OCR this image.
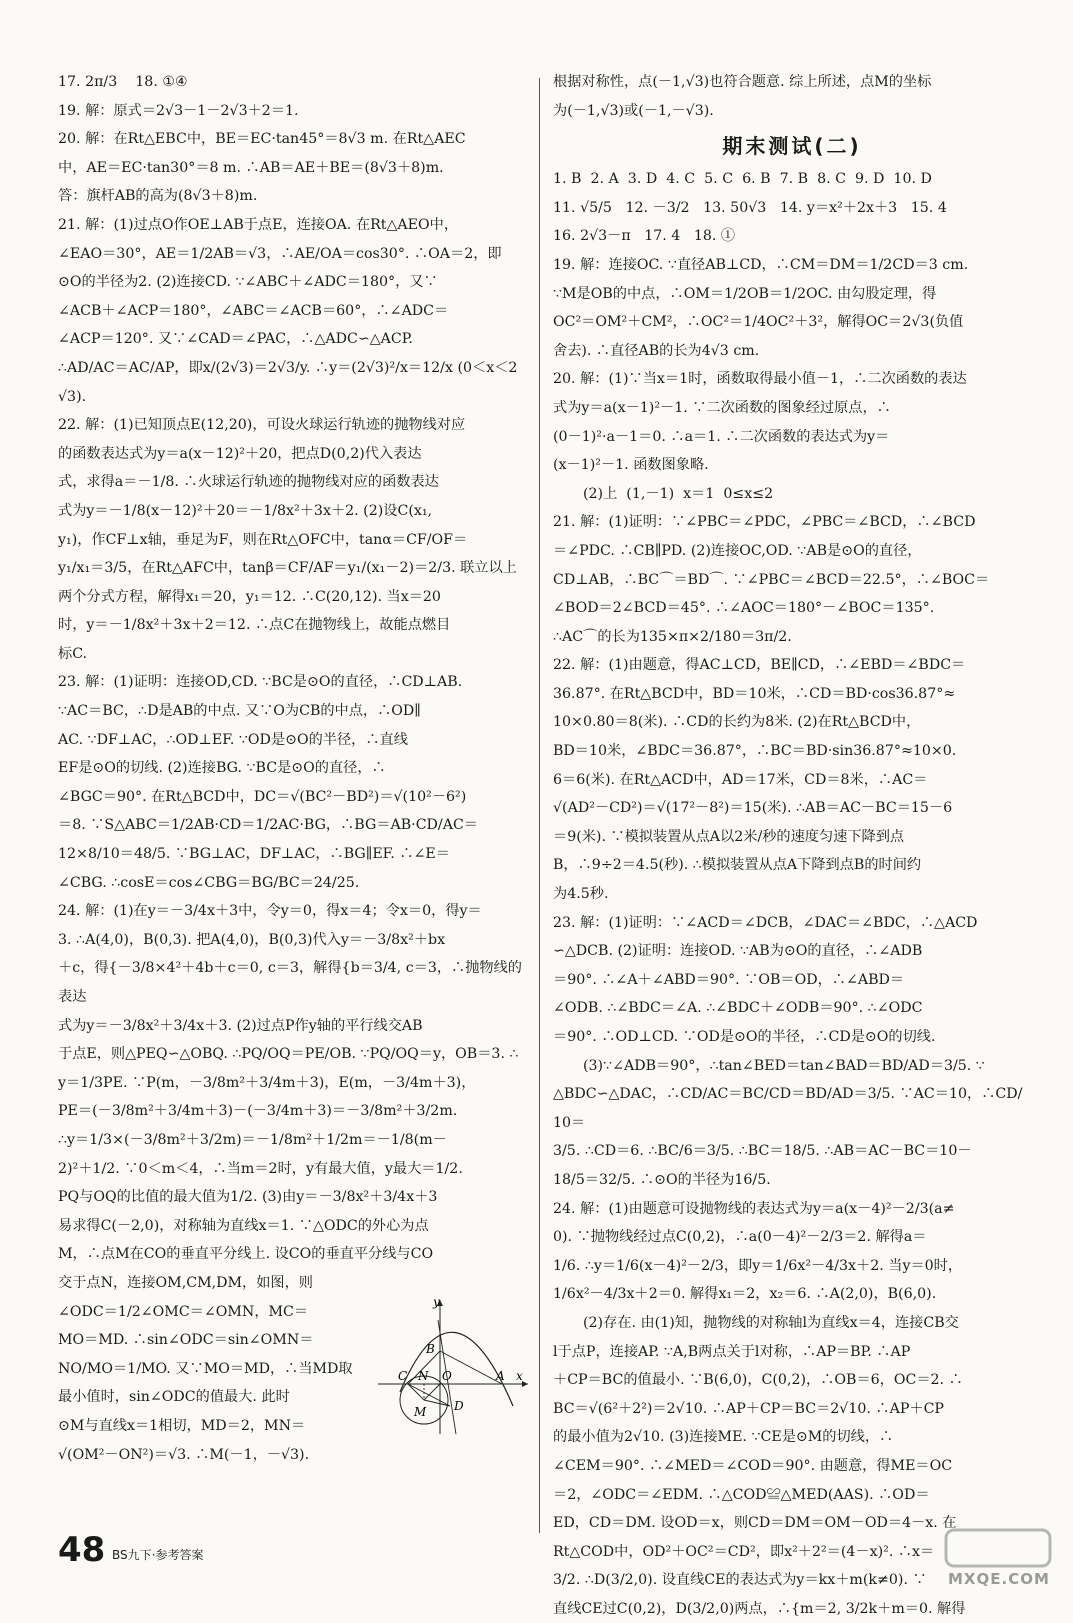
17. 2π/3    18. ①④

19. 解：原式＝2√3－1－2√3＋2＝1.

20. 解：在Rt△EBC中，BE＝EC·tan45°＝8√3 m. 在Rt△AEC

中，AE＝EC·tan30°＝8 m. ∴AB＝AE＋BE＝(8√3＋8)m.

答：旗杆AB的高为(8√3＋8)m.

21. 解：(1)过点O作OE⊥AB于点E，连接OA. 在Rt△AEO中，

∠EAO＝30°，AE＝1/2AB＝√3，∴AE/OA＝cos30°. ∴OA＝2，即

⊙O的半径为2. (2)连接CD. ∵∠ABC＋∠ADC＝180°，又∵

∠ACB＋∠ACP＝180°，∠ABC＝∠ACB＝60°，∴∠ADC＝

∠ACP＝120°. 又∵∠CAD＝∠PAC，∴△ADC∽△ACP.

∴AD/AC＝AC/AP，即x/(2√3)＝2√3/y. ∴y＝(2√3)²/x＝12/x (0＜x＜2√3).

22. 解：(1)已知顶点E(12,20)，可设火球运行轨迹的抛物线对应

的函数表达式为y＝a(x－12)²＋20，把点D(0,2)代入表达

式，求得a＝－1/8. ∴火球运行轨迹的抛物线对应的函数表达

式为y＝－1/8(x－12)²＋20＝－1/8x²＋3x＋2. (2)设C(x₁,

y₁)，作CF⊥x轴，垂足为F，则在Rt△OFC中，tanα＝CF/OF＝

y₁/x₁＝3/5，在Rt△AFC中，tanβ＝CF/AF＝y₁/(x₁－2)＝2/3. 联立以上

两个分式方程，解得x₁＝20，y₁＝12. ∴C(20,12). 当x＝20

时，y＝－1/8x²＋3x＋2＝12. ∴点C在抛物线上，故能点燃目

标C.

23. 解：(1)证明：连接OD,CD. ∵BC是⊙O的直径，∴CD⊥AB.

∵AC＝BC，∴D是AB的中点. 又∵O为CB的中点，∴OD∥

AC. ∵DF⊥AC，∴OD⊥EF. ∵OD是⊙O的半径，∴直线

EF是⊙O的切线. (2)连接BG. ∵BC是⊙O的直径，∴

∠BGC＝90°. 在Rt△BCD中，DC＝√(BC²－BD²)＝√(10²－6²)

＝8. ∵S△ABC＝1/2AB·CD＝1/2AC·BG，∴BG＝AB·CD/AC＝

12×8/10＝48/5. ∵BG⊥AC，DF⊥AC，∴BG∥EF. ∴∠E＝

∠CBG. ∴cosE＝cos∠CBG＝BG/BC＝24/25.

24. 解：(1)在y＝－3/4x＋3中，令y＝0，得x＝4；令x＝0，得y＝

3. ∴A(4,0)，B(0,3). 把A(4,0)，B(0,3)代入y＝－3/8x²＋bx

＋c，得{－3/8×4²＋4b＋c＝0, c＝3，解得{b＝3/4, c＝3，∴抛物线的表达

式为y＝－3/8x²＋3/4x＋3. (2)过点P作y轴的平行线交AB

于点E，则△PEQ∽△OBQ. ∴PQ/OQ＝PE/OB. ∵PQ/OQ＝y，OB＝3. ∴

y＝1/3PE. ∵P(m，－3/8m²＋3/4m＋3)，E(m，－3/4m＋3)，

PE＝(－3/8m²＋3/4m＋3)－(－3/4m＋3)＝－3/8m²＋3/2m.

∴y＝1/3×(－3/8m²＋3/2m)＝－1/8m²＋1/2m＝－1/8(m－

2)²＋1/2. ∵0＜m＜4，∴当m＝2时，y有最大值，y最大＝1/2.

PQ与OQ的比值的最大值为1/2. (3)由y＝－3/8x²＋3/4x＋3

易求得C(－2,0)，对称轴为直线x＝1. ∵△ODC的外心为点

M，∴点M在CO的垂直平分线上. 设CO的垂直平分线与CO

交于点N，连接OM,CM,DM，如图，则

∠ODC＝1/2∠OMC＝∠OMN，MC＝

MO＝MD. ∴sin∠ODC＝sin∠OMN＝

NO/MO＝1/MO. 又∵MO＝MD，∴当MD取

最小值时，sin∠ODC的值最大. 此时

⊙M与直线x＝1相切，MD＝2，MN＝

√(OM²－ON²)＝√3. ∴M(－1，－√3).

根据对称性，点(－1,√3)也符合题意. 综上所述，点M的坐标

为(－1,√3)或(－1,－√3).

期末测试(二)

1. B  2. A  3. D  4. C  5. C  6. B  7. B  8. C  9. D  10. D

11. √5/5   12. －3/2   13. 50√3   14. y＝x²＋2x＋3   15. 4

16. 2√3－π   17. 4   18. ①

19. 解：连接OC. ∵直径AB⊥CD，∴CM＝DM＝1/2CD＝3 cm.

∵M是OB的中点，∴OM＝1/2OB＝1/2OC. 由勾股定理，得

OC²＝OM²＋CM²，∴OC²＝1/4OC²＋3²，解得OC＝2√3(负值

舍去). ∴直径AB的长为4√3 cm.

20. 解：(1)∵当x＝1时，函数取得最小值－1，∴二次函数的表达

式为y＝a(x－1)²－1. ∵二次函数的图象经过原点，∴

(0－1)²·a－1＝0. ∴a＝1. ∴二次函数的表达式为y＝

(x－1)²－1. 函数图象略.

(2)上  (1,－1)  x＝1  0≤x≤2

21. 解：(1)证明：∵∠PBC＝∠PDC，∠PBC＝∠BCD，∴∠BCD

＝∠PDC. ∴CB∥PD. (2)连接OC,OD. ∵AB是⊙O的直径，

CD⊥AB，∴BC⌒＝BD⌒. ∵∠PBC＝∠BCD＝22.5°，∴∠BOC＝

∠BOD＝2∠BCD＝45°. ∴∠AOC＝180°－∠BOC＝135°.

∴AC⌒的长为135×π×2/180＝3π/2.

22. 解：(1)由题意，得AC⊥CD，BE∥CD，∴∠EBD＝∠BDC＝

36.87°. 在Rt△BCD中，BD＝10米，∴CD＝BD·cos36.87°≈

10×0.80＝8(米). ∴CD的长约为8米. (2)在Rt△BCD中，

BD＝10米，∠BDC＝36.87°，∴BC＝BD·sin36.87°≈10×0.

6＝6(米). 在Rt△ACD中，AD＝17米，CD＝8米，∴AC＝

√(AD²－CD²)＝√(17²－8²)＝15(米). ∴AB＝AC－BC＝15－6

＝9(米). ∵模拟装置从点A以2米/秒的速度匀速下降到点

B，∴9÷2＝4.5(秒). ∴模拟装置从点A下降到点B的时间约

为4.5秒.

23. 解：(1)证明：∵∠ACD＝∠DCB，∠DAC＝∠BDC，∴△ACD

∽△DCB. (2)证明：连接OD. ∵AB为⊙O的直径，∴∠ADB

＝90°. ∴∠A＋∠ABD＝90°. ∵OB＝OD，∴∠ABD＝

∠ODB. ∴∠BDC＝∠A. ∴∠BDC＋∠ODB＝90°. ∴∠ODC

＝90°. ∴OD⊥CD. ∵OD是⊙O的半径，∴CD是⊙O的切线.

(3)∵∠ADB＝90°，∴tan∠BED＝tan∠BAD＝BD/AD＝3/5. ∵

△BDC∽△DAC，∴CD/AC＝BC/CD＝BD/AD＝3/5. ∵AC＝10，∴CD/10＝

3/5. ∴CD＝6. ∴BC/6＝3/5. ∴BC＝18/5. ∴AB＝AC－BC＝10－

18/5＝32/5. ∴⊙O的半径为16/5.

24. 解：(1)由题意可设抛物线的表达式为y＝a(x－4)²－2/3(a≠

0). ∵抛物线经过点C(0,2)，∴a(0－4)²－2/3＝2. 解得a＝

1/6. ∴y＝1/6(x－4)²－2/3，即y＝1/6x²－4/3x＋2. 当y＝0时，

1/6x²－4/3x＋2＝0. 解得x₁＝2，x₂＝6. ∴A(2,0)，B(6,0).

(2)存在. 由(1)知，抛物线的对称轴l为直线x＝4，连接CB交

l于点P，连接AP. ∵A,B两点关于l对称，∴AP＝BP. ∴AP

＋CP＝BC的值最小. ∵B(6,0)，C(0,2)，∴OB＝6，OC＝2. ∴

BC＝√(6²＋2²)＝2√10. ∴AP＋CP＝BC＝2√10. ∴AP＋CP

的最小值为2√10. (3)连接ME. ∵CE是⊙M的切线，∴

∠CEM＝90°. ∴∠MED＝∠COD＝90°. 由题意，得ME＝OC

＝2，∠ODC＝∠EDM. ∴△COD≌△MED(AAS). ∴OD＝

ED，CD＝DM. 设OD＝x，则CD＝DM＝OM－OD＝4－x. 在

Rt△COD中，OD²＋OC²＝CD²，即x²＋2²＝(4－x)². ∴x＝

3/2. ∴D(3/2,0). 设直线CE的表达式为y＝kx＋m(k≠0). ∵

直线CE过C(0,2)，D(3/2,0)两点，∴{m＝2, 3/2k＋m＝0. 解得

y
x
B
C N O
M D
A
48 BS九下·参考答案
MXQE.COM
